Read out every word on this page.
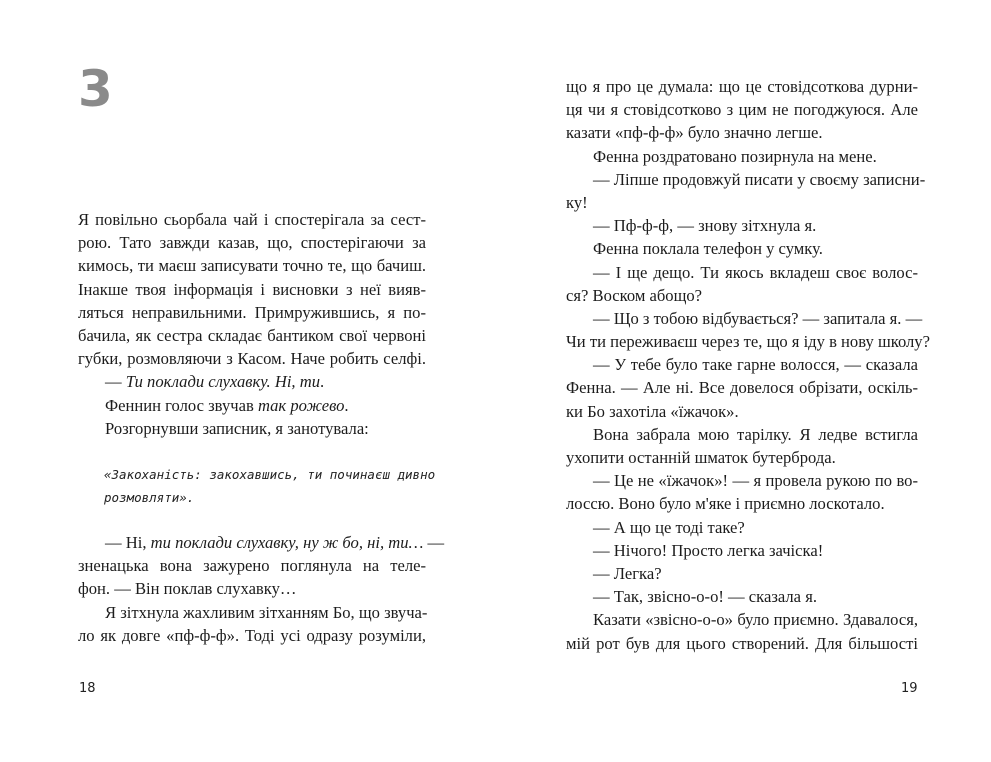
3
Я повільно сьорбала чай і спостерігала за сест-
рою. Тато завжди казав, що, спостерігаючи за
кимось, ти маєш записувати точно те, що бачиш.
Інакше твоя інформація і висновки з неї вияв-
ляться неправильними. Примружившись, я по-
бачила, як сестра складає бантиком свої червоні
губки, розмовляючи з Касом. Наче робить селфі.
— Ти поклади слухавку. Ні, ти.
Феннин голос звучав так рожево.
Розгорнувши записник, я занотувала:
«Закоханість: закохавшись, ти починаєш дивно
розмовляти».
— Ні, ти поклади слухавку, ну ж бо, ні, ти… —
зненацька вона зажурено поглянула на теле-
фон. — Він поклав слухавку…
Я зітхнула жахливим зітханням Бо, що звуча-
ло як довге «пф-ф-ф». Тоді усі одразу розуміли,
18
що я про це думала: що це стовідсоткова дурни-
ця чи я стовідсотково з цим не погоджуюся. Але
казати «пф-ф-ф» було значно легше.
Фенна роздратовано позирнула на мене.
— Ліпше продовжуй писати у своєму записни-
ку!
— Пф-ф-ф, — знову зітхнула я.
Фенна поклала телефон у сумку.
— І ще дещо. Ти якось вкладеш своє волос-
ся? Воском абощо?
— Що з тобою відбувається? — запитала я. —
Чи ти переживаєш через те, що я іду в нову школу?
— У тебе було таке гарне волосся, — сказала
Фенна. — Але ні. Все довелося обрізати, оскіль-
ки Бо захотіла «їжачок».
Вона забрала мою тарілку. Я ледве встигла
ухопити останній шматок бутерброда.
— Це не «їжачок»! — я провела рукою по во-
лоссю. Воно було м'яке і приємно лоскотало.
— А що це тоді таке?
— Нічого! Просто легка зачіска!
— Легка?
— Так, звісно-о-о! — сказала я.
Казати «звісно-о-о» було приємно. Здавалося,
мій рот був для цього створений. Для більшості
19
